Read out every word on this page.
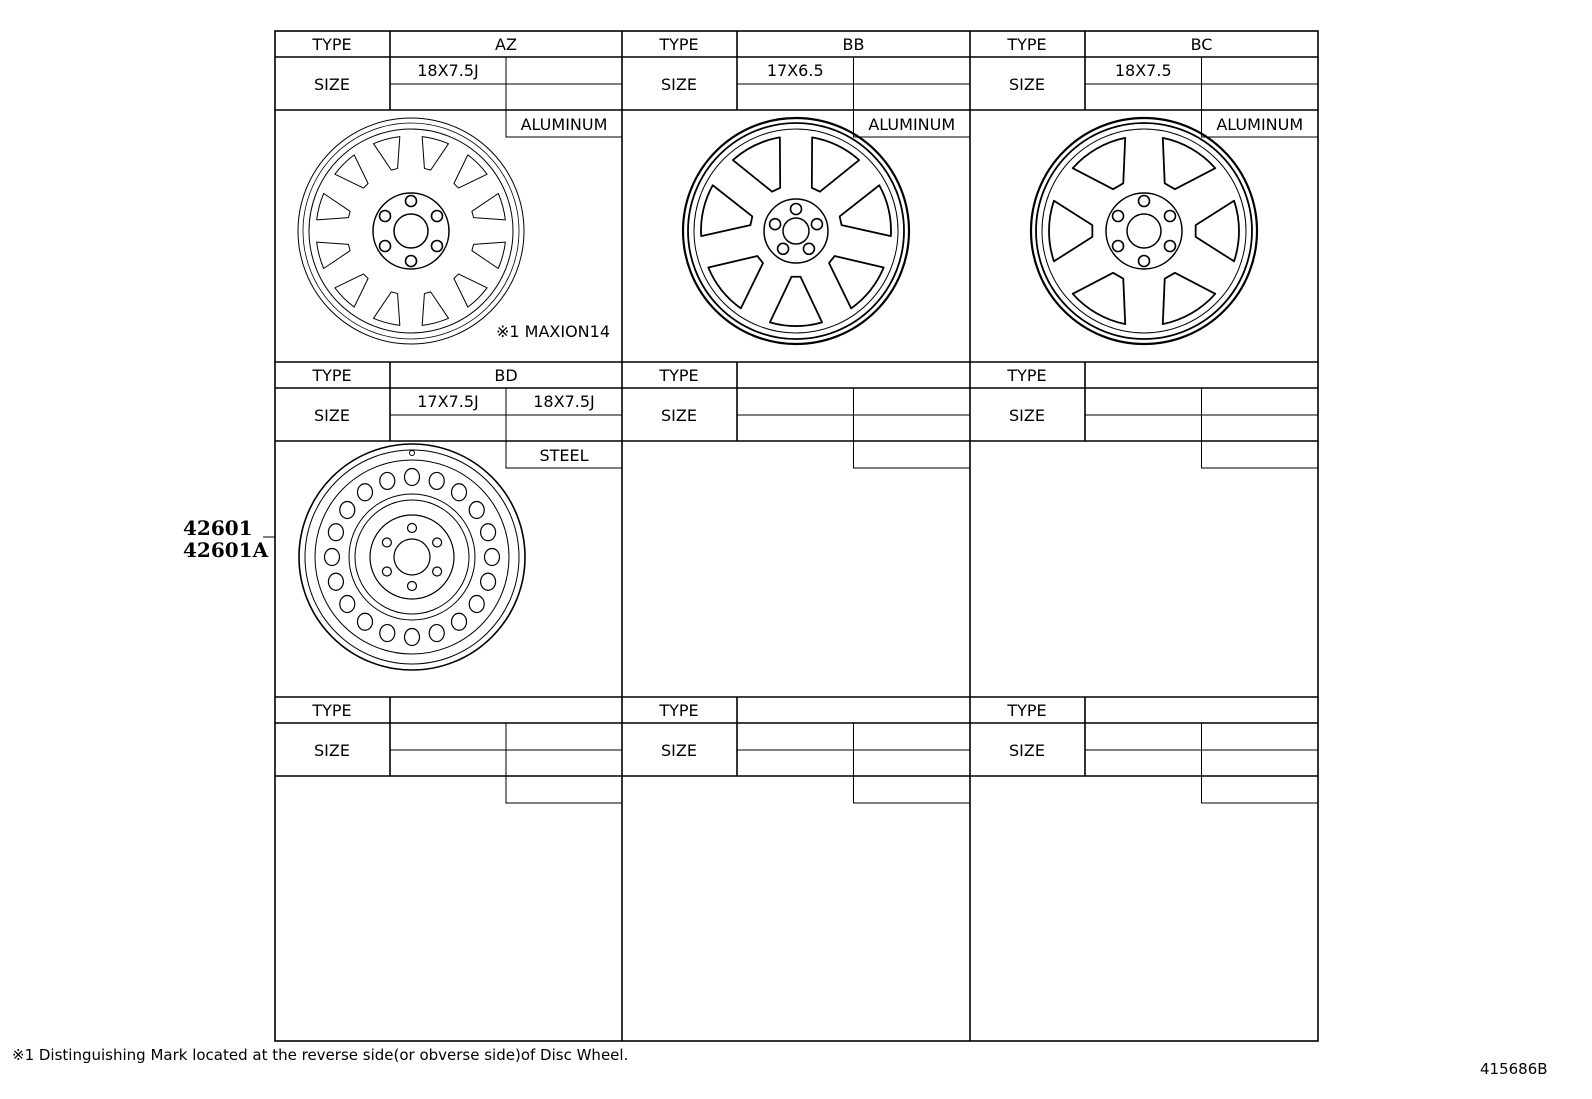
TYPE	AZ
SIZE
18X7.5J
ALUMINUM
※1 MAXION14
TYPE	BB
SIZE
17X6.5
ALUMINUM
TYPE	BC
SIZE
18X7.5
ALUMINUM
TYPE	BD
SIZE
17X7.5J	18X7.5J
STEEL
TYPE
SIZE
TYPE
SIZE
TYPE
SIZE
TYPE
SIZE
TYPE
SIZE
42601
42601A
※1 Distinguishing Mark located at the reverse side(or obverse side)of Disc Wheel.
415686B
